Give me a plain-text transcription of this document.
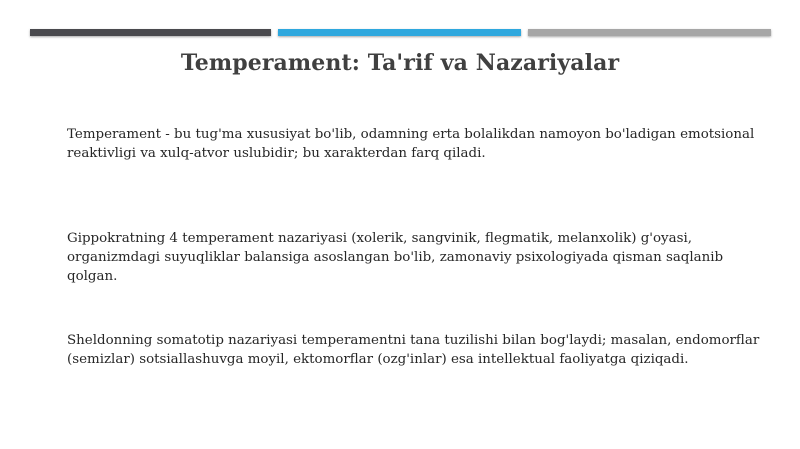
Temperament: Ta'rif va Nazariyalar
Temperament - bu tug'ma xususiyat bo'lib, odamning erta bolalikdan namoyon bo'ladigan emotsional reaktivligi va xulq-atvor uslubidir; bu xarakterdan farq qiladi.
Gippokratning 4 temperament nazariyasi (xolerik, sangvinik, flegmatik, melanxolik) g'oyasi, organizmdagi suyuqliklar balansiga asoslangan bo'lib, zamonaviy psixologiyada qisman saqlanib qolgan.
Sheldonning somatotip nazariyasi temperamentni tana tuzilishi bilan bog'laydi; masalan, endomorflar (semizlar) sotsiallashuvga moyil, ektomorflar (ozg'inlar) esa intellektual faoliyatga qiziqadi.
